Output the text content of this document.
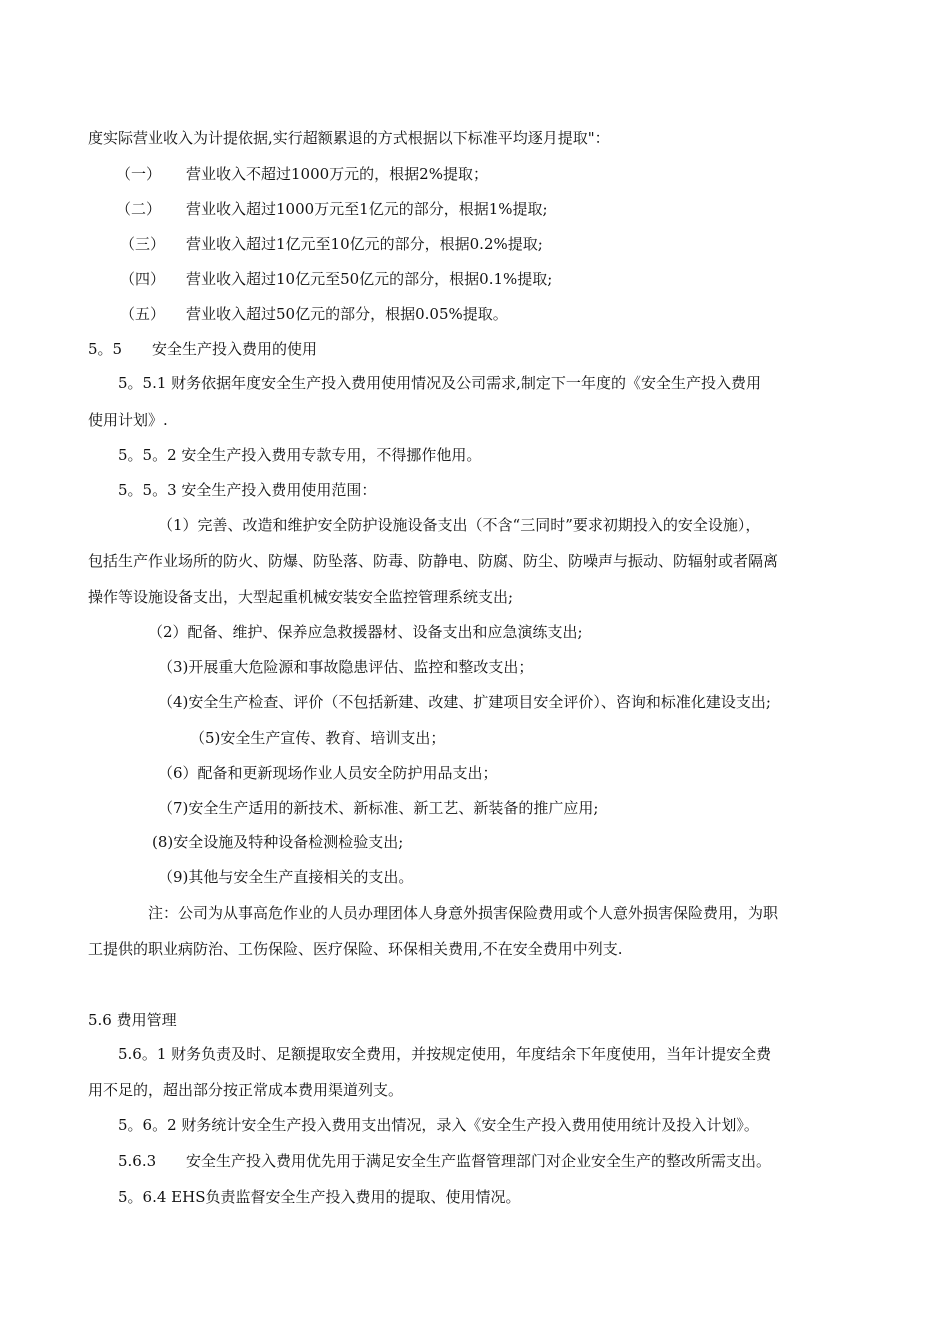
度实际营业收入为计提依据,实行超额累退的方式根据以下标准平均逐月提取"：
（一） 营业收入不超过1000万元的，根据2%提取；
（二） 营业收入超过1000万元至1亿元的部分，根据1%提取;
（三） 营业收入超过1亿元至10亿元的部分，根据0.2%提取;
（四） 营业收入超过10亿元至50亿元的部分，根据0.1%提取;
（五） 营业收入超过50亿元的部分，根据0.05%提取。
5。5 安全生产投入费用的使用
5。5.1 财务依据年度安全生产投入费用使用情况及公司需求,制定下一年度的《安全生产投入费用
使用计划》.
5。5。2 安全生产投入费用专款专用，不得挪作他用。
5。5。3 安全生产投入费用使用范围：
（1）完善、改造和维护安全防护设施设备支出（不含“三同时”要求初期投入的安全设施），
包括生产作业场所的防火、防爆、防坠落、防毒、防静电、防腐、防尘、防噪声与振动、防辐射或者隔离
操作等设施设备支出，大型起重机械安装安全监控管理系统支出;
（2）配备、维护、保养应急救援器材、设备支出和应急演练支出;
（3)开展重大危险源和事故隐患评估、监控和整改支出；
（4)安全生产检查、评价（不包括新建、改建、扩建项目安全评价）、咨询和标准化建设支出;
（5)安全生产宣传、教育、培训支出；
（6）配备和更新现场作业人员安全防护用品支出；
（7)安全生产适用的新技术、新标准、新工艺、新装备的推广应用;
(8)安全设施及特种设备检测检验支出;
（9)其他与安全生产直接相关的支出。
注：公司为从事高危作业的人员办理团体人身意外损害保险费用或个人意外损害保险费用，为职
工提供的职业病防治、工伤保险、医疗保险、环保相关费用,不在安全费用中列支.
5.6 费用管理
5.6。1 财务负责及时、足额提取安全费用，并按规定使用，年度结余下年度使用，当年计提安全费
用不足的，超出部分按正常成本费用渠道列支。
5。6。2 财务统计安全生产投入费用支出情况，录入《安全生产投入费用使用统计及投入计划》。
5.6.3 安全生产投入费用优先用于满足安全生产监督管理部门对企业安全生产的整改所需支出。
5。6.4 EHS负责监督安全生产投入费用的提取、使用情况。
